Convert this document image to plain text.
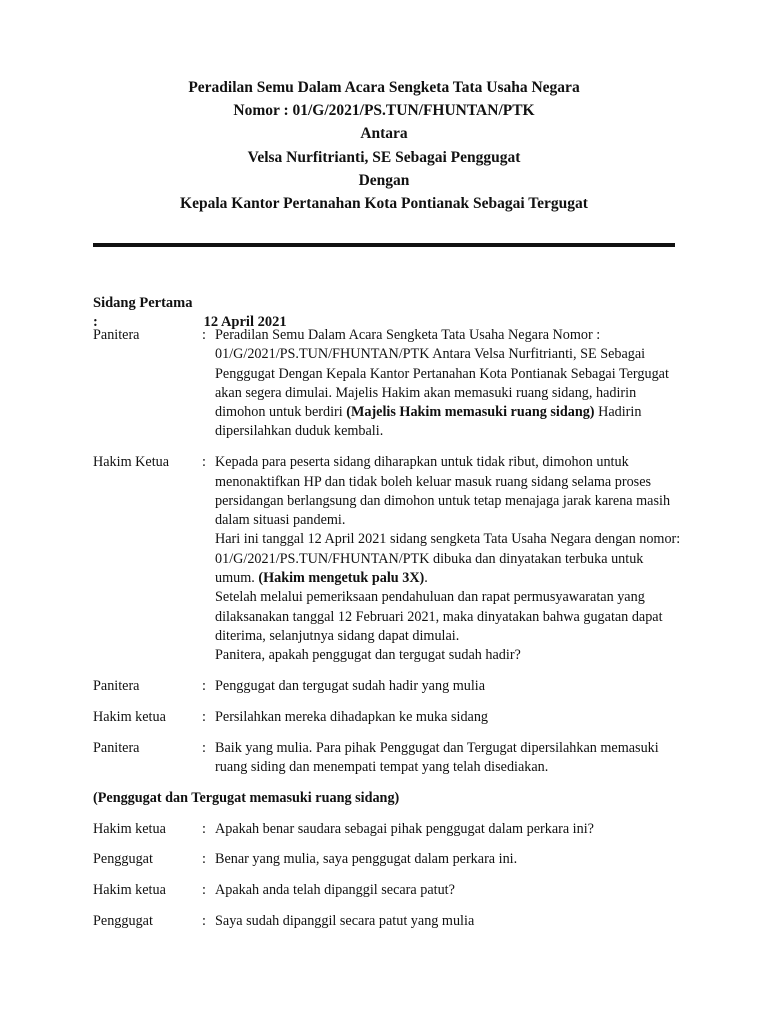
Peradilan Semu Dalam Acara Sengketa Tata Usaha Negara
Nomor : 01/G/2021/PS.TUN/FHUNTAN/PTK
Antara
Velsa Nurfitrianti, SE Sebagai Penggugat
Dengan
Kepala Kantor Pertanahan Kota Pontianak Sebagai Tergugat
Sidang Pertama :	12 April 2021
Panitera	: Peradilan Semu Dalam Acara Sengketa Tata Usaha Negara Nomor : 01/G/2021/PS.TUN/FHUNTAN/PTK Antara Velsa Nurfitrianti, SE Sebagai Penggugat Dengan Kepala Kantor Pertanahan Kota Pontianak Sebagai Tergugat akan segera dimulai. Majelis Hakim akan memasuki ruang sidang, hadirin dimohon untuk berdiri (Majelis Hakim memasuki ruang sidang) Hadirin dipersilahkan duduk kembali.
Hakim Ketua	: Kepada para peserta sidang diharapkan untuk tidak ribut, dimohon untuk menonaktifkan HP dan tidak boleh keluar masuk ruang sidang selama proses persidangan berlangsung dan dimohon untuk tetap menajaga jarak karena masih dalam situasi pandemi.
Hari ini tanggal 12 April 2021 sidang sengketa Tata Usaha Negara dengan nomor: 01/G/2021/PS.TUN/FHUNTAN/PTK dibuka dan dinyatakan terbuka untuk umum. (Hakim mengetuk palu 3X).
Setelah melalui pemeriksaan pendahuluan dan rapat permusyawaratan yang dilaksanakan tanggal 12 Februari 2021, maka dinyatakan bahwa gugatan dapat diterima, selanjutnya sidang dapat dimulai.
Panitera, apakah penggugat dan tergugat sudah hadir?
Panitera	: Penggugat dan tergugat sudah hadir yang mulia
Hakim ketua	: Persilahkan mereka dihadapkan ke muka sidang
Panitera	: Baik yang mulia. Para pihak Penggugat dan Tergugat dipersilahkan memasuki ruang siding dan menempati tempat yang telah disediakan.
(Penggugat dan Tergugat memasuki ruang sidang)
Hakim ketua	: Apakah benar saudara sebagai pihak penggugat dalam perkara ini?
Penggugat	: Benar yang mulia, saya penggugat dalam perkara ini.
Hakim ketua	: Apakah anda telah dipanggil secara patut?
Penggugat	: Saya sudah dipanggil secara patut yang mulia
